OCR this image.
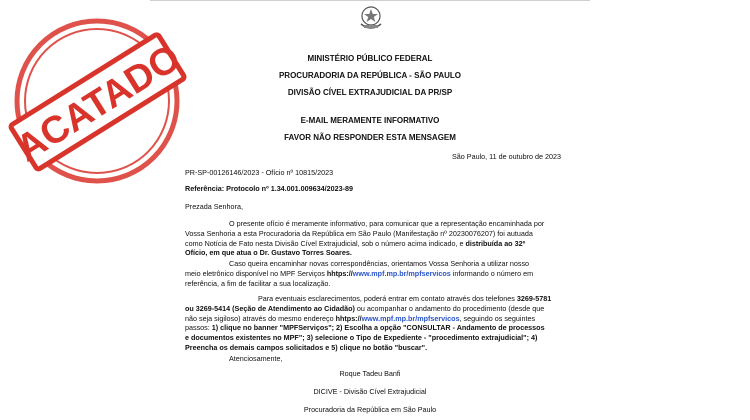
MINISTÉRIO PÚBLICO FEDERAL
PROCURADORIA DA REPÚBLICA - SÃO PAULO
DIVISÃO CÍVEL EXTRAJUDICIAL DA PR/SP
E-MAIL MERAMENTE INFORMATIVO
FAVOR NÃO RESPONDER ESTA MENSAGEM
São Paulo, 11 de outubro de 2023
PR-SP-00126146/2023 - Ofício nº 10815/2023
Referência: Protocolo nº 1.34.001.009634/2023-89
Prezada Senhora,
O presente ofício é meramente informativo, para comunicar que a representação encaminhada por
Vossa Senhoria a esta Procuradoria da República em São Paulo (Manifestação nº 20230076207) foi autuada
como Notícia de Fato nesta Divisão Cível Extrajudicial, sob o número acima indicado, e distribuída ao 32º
Ofício, em que atua o Dr. Gustavo Torres Soares.
Caso queira encaminhar novas correspondências, orientamos Vossa Senhoria a utilizar nosso
meio eletrônico disponível no MPF Serviços hhtps://www.mpf.mp.br/mpfservicos informando o número em
referência, a fim de facilitar a sua localização.
Para eventuais esclarecimentos, poderá entrar em contato através dos telefones 3269-5781
ou 3269-5414 (Seção de Atendimento ao Cidadão) ou acompanhar o andamento do procedimento (desde que
não seja sigiloso) através do mesmo endereço hhtps://www.mpf.mp.br/mpfservicos, seguindo os seguintes
passos: 1) clique no banner "MPFServiços"; 2) Escolha a opção "CONSULTAR - Andamento de processos
e documentos existentes no MPF"; 3) selecione o Tipo de Expediente - "procedimento extrajudicial"; 4)
Preencha os demais campos solicitados e 5) clique no botão "buscar".
Atenciosamente,
Roque Tadeu Banfi
DICIVE - Divisão Cível Extrajudicial
Procuradoria da República em São Paulo
ACATADO
